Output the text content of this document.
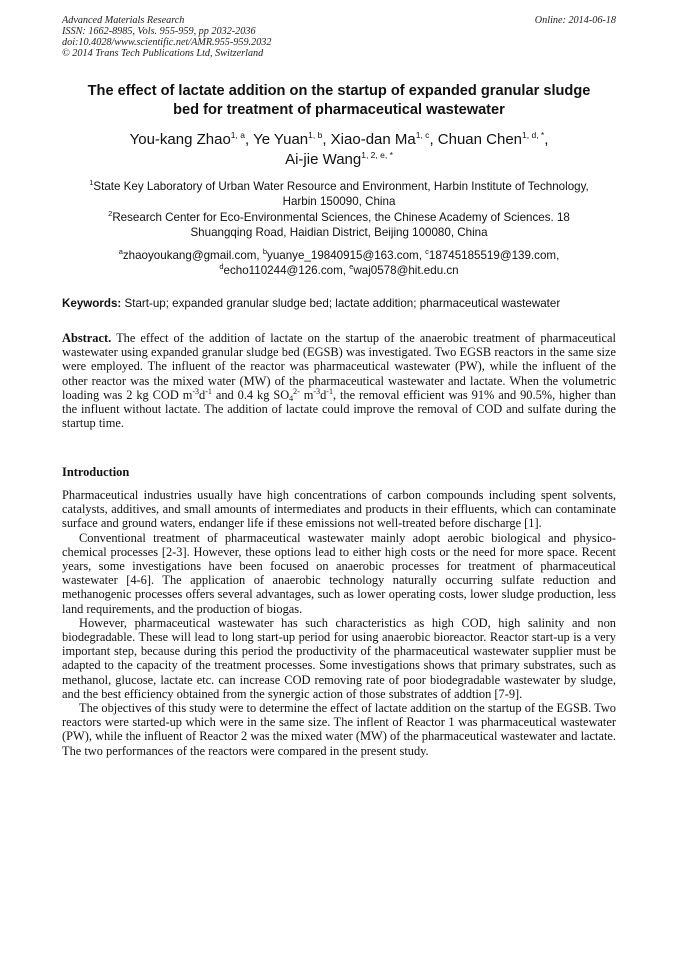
Advanced Materials Research
ISSN: 1662-8985, Vols. 955-959, pp 2032-2036
doi:10.4028/www.scientific.net/AMR.955-959.2032
© 2014 Trans Tech Publications Ltd, Switzerland
Online: 2014-06-18
The effect of lactate addition on the startup of expanded granular sludge
bed for treatment of pharmaceutical wastewater
You-kang Zhao$^{1, a}$, Ye Yuan$^{1, b}$, Xiao-dan Ma$^{1, c}$, Chuan Chen$^{1, d, *}$,
Ai-jie Wang$^{1, 2, e, *}$
$^1$State Key Laboratory of Urban Water Resource and Environment, Harbin Institute of Technology,
Harbin 150090, China
$^2$Research Center for Eco-Environmental Sciences, the Chinese Academy of Sciences. 18
Shuangqing Road, Haidian District, Beijing 100080, China
$^a$zhaoyoukang@gmail.com, $^b$yuanye_19840915@163.com, $^c$18745185519@139.com,
$^d$echo110244@126.com, $^e$waj0578@hit.edu.cn
Keywords: Start-up; expanded granular sludge bed; lactate addition; pharmaceutical wastewater

Abstract. The effect of the addition of lactate on the startup of the anaerobic treatment of pharmaceutical wastewater using expanded granular sludge bed (EGSB) was investigated. Two EGSB reactors in the same size were employed. The influent of the reactor was pharmaceutical wastewater (PW), while the influent of the other reactor was the mixed water (MW) of the pharmaceutical wastewater and lactate. When the volumetric loading was 2 kg COD $m^{-3}d^{-1}$ and 0.4 kg $SO_4^{2-}$ $m^{-3}d^{-1}$, the removal efficient was 91% and 90.5%, higher than the influent without lactate. The addition of lactate could improve the removal of COD and sulfate during the startup time.

Introduction

Pharmaceutical industries usually have high concentrations of carbon compounds including spent solvents, catalysts, additives, and small amounts of intermediates and products in their effluents, which can contaminate surface and ground waters, endanger life if these emissions not well-treated before discharge [1].

Conventional treatment of pharmaceutical wastewater mainly adopt aerobic biological and physico-chemical processes [2-3]. However, these options lead to either high costs or the need for more space. Recent years, some investigations have been focused on anaerobic processes for treatment of pharmaceutical wastewater [4-6]. The application of anaerobic technology naturally occurring sulfate reduction and methanogenic processes offers several advantages, such as lower operating costs, lower sludge production, less land requirements, and the production of biogas.

However, pharmaceutical wastewater has such characteristics as high COD, high salinity and non biodegradable. These will lead to long start-up period for using anaerobic bioreactor. Reactor start-up is a very important step, because during this period the productivity of the pharmaceutical wastewater supplier must be adapted to the capacity of the treatment processes. Some investigations shows that primary substrates, such as methanol, glucose, lactate etc. can increase COD removing rate of poor biodegradable wastewater by sludge, and the best efficiency obtained from the synergic action of those substrates of addtion [7-9].

The objectives of this study were to determine the effect of lactate addition on the startup of the EGSB. Two reactors were started-up which were in the same size. The inflent of Reactor 1 was pharmaceutical wastewater (PW), while the influent of Reactor 2 was the mixed water (MW) of the pharmaceutical wastewater and lactate. The two performances of the reactors were compared in the present study.
